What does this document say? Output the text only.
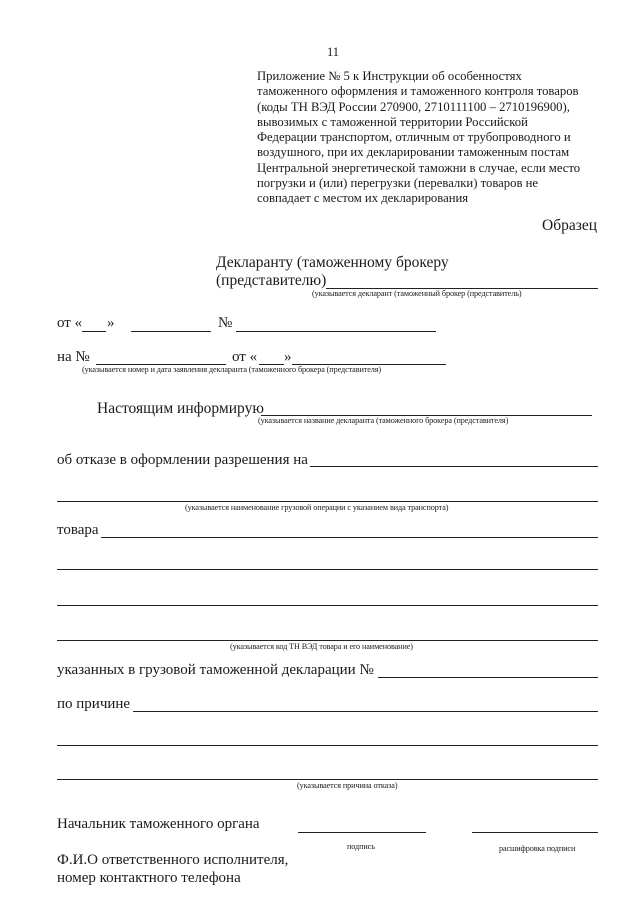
11
Приложение № 5 к Инструкции об особенностях
таможенного оформления и таможенного контроля товаров
(коды ТН ВЭД России 270900, 2710111100 – 2710196900),
вывозимых с таможенной территории Российской
Федерации транспортом, отличным от трубопроводного и
воздушного, при их декларировании таможенным постам
Центральной энергетической таможни в случае, если место
погрузки и (или) перегрузки (перевалки) товаров не
совпадает с местом их декларирования
Образец
Декларанту (таможенному брокеру
(представителю)
(указывается декларант (таможенный брокер (представитель)
от « »	№
на №	от « »
(указывается номер и дата заявления декларанта (таможенного брокера (представителя)
Настоящим информирую
(указывается название декларанта (таможенного брокера (представителя)
об отказе в оформлении разрешения на
(указывается наименование грузовой операции с указанием вида транспорта)
товара
(указывается код ТН ВЭД товара и его наименование)
указанных в грузовой таможенной декларации №
по причине
(указывается причина отказа)
Начальник таможенного органа
подпись	расшифровка подписи
Ф.И.О ответственного исполнителя,
номер контактного телефона
